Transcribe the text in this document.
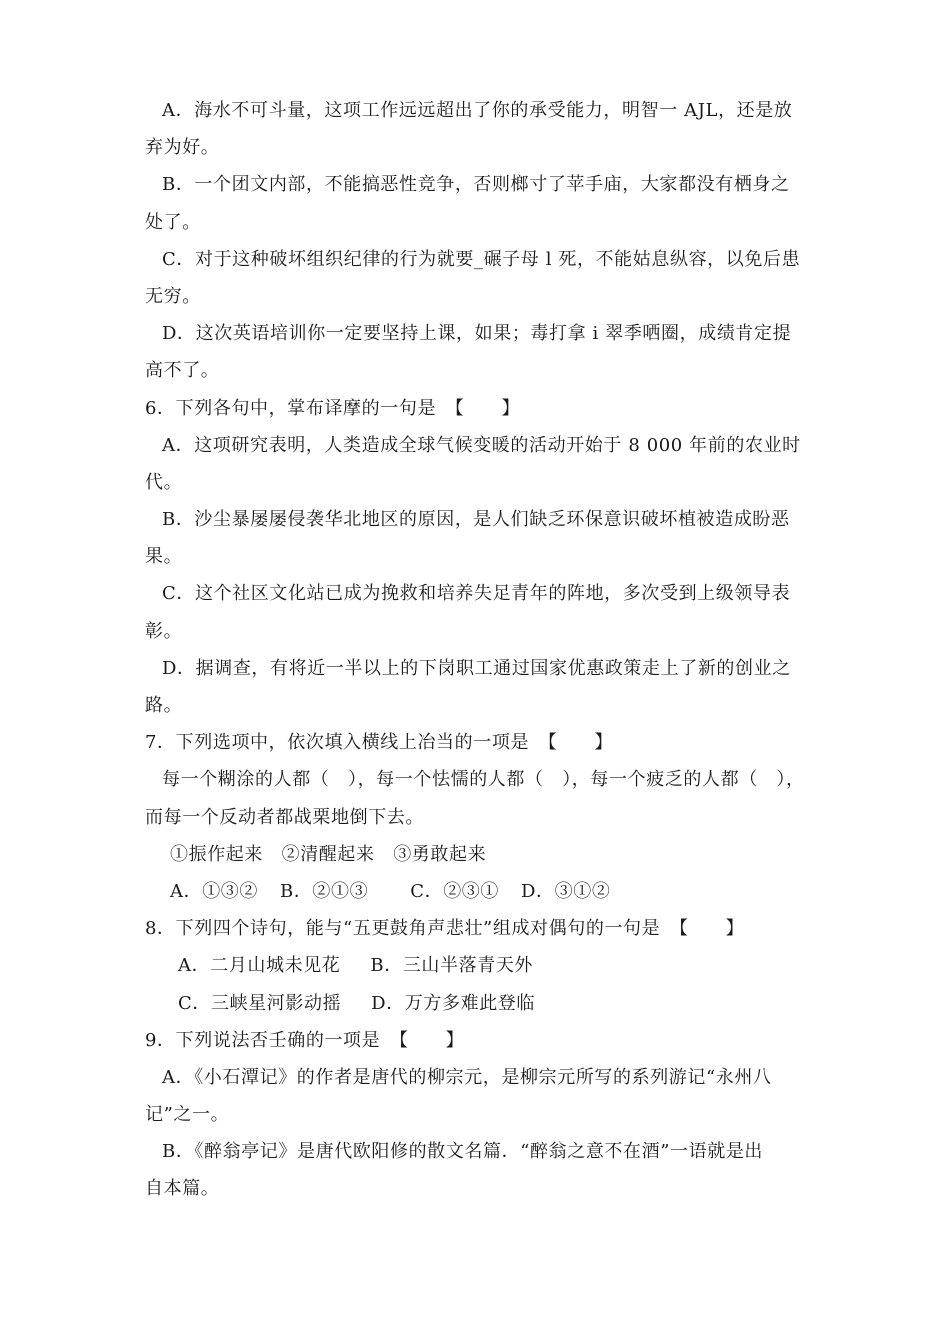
A．海水不可斗量，这项工作远远超出了你的承受能力，明智一 AJL，还是放
弃为好。
B．一个团文内部，不能搞恶性竞争，否则榔寸了苹手庙，大家都没有栖身之
处了。
C．对于这种破坏组织纪律的行为就要_碾子母 l 死，不能姑息纵容，以免后患
无穷。
D．这次英语培训你一定要坚持上课，如果；毒打拿 i 翠季哂圈，成绩肯定提
高不了。
6．下列各句中，掌布译摩的一句是　【　　】
A．这项研究表明，人类造成全球气候变暖的活动开始于 8 000 年前的农业时
代。
B．沙尘暴屡屡侵袭华北地区的原因，是人们缺乏环保意识破坏植被造成盼恶
果。
C．这个社区文化站已成为挽救和培养失足青年的阵地，多次受到上级领导表
彰。
D．据调查，有将近一半以上的下岗职工通过国家优惠政策走上了新的创业之
路。
7．下列选项中，依次填入横线上冶当的一项是　【　　】
每一个糊涂的人都（　），每一个怯懦的人都（　），每一个疲乏的人都（　），
而每一个反动者都战栗地倒下去。
①振作起来　②清醒起来　③勇敢起来
A．①③② B．②①③ C．②③① D．③①②
8．下列四个诗句，能与“五更鼓角声悲壮”组成对偶句的一句是　【　　】
A．二月山城未见花 B．三山半落青天外
C．三峡星河影动摇 D．万方多难此登临
9．下列说法否壬确的一项是　【　　】
A．《小石潭记》的作者是唐代的柳宗元，是柳宗元所写的系列游记“永州八
记”之一。
B．《醉翁亭记》是唐代欧阳修的散文名篇．“醉翁之意不在酒”一语就是出
自本篇。
